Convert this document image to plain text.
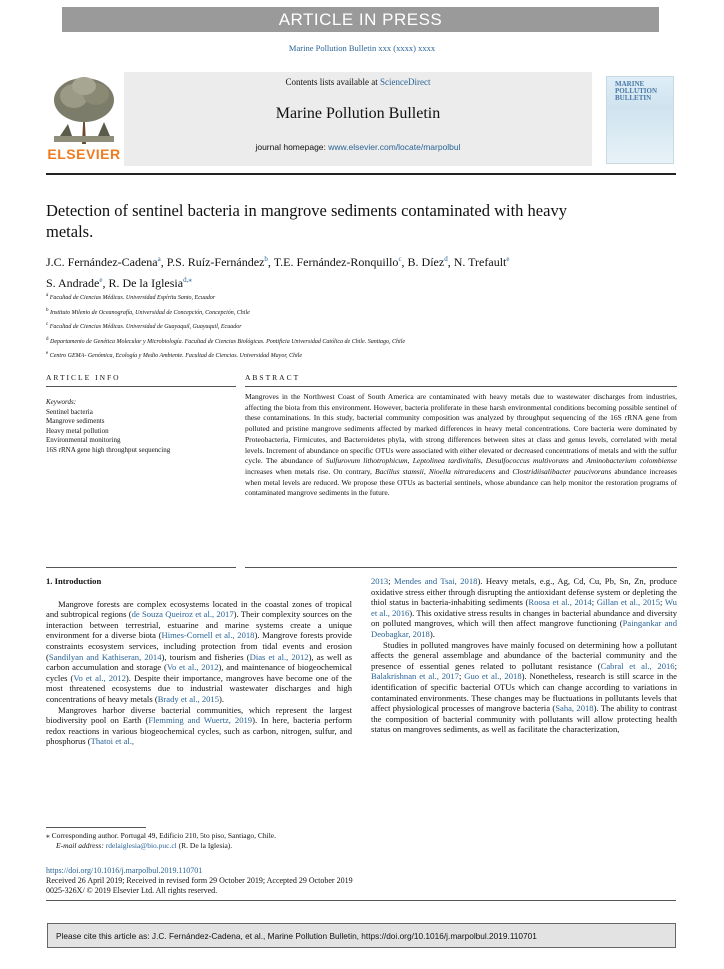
ARTICLE IN PRESS
Marine Pollution Bulletin xxx (xxxx) xxxx
ELSEVIER
Contents lists available at ScienceDirect
Marine Pollution Bulletin
journal homepage: www.elsevier.com/locate/marpolbul
MARINE POLLUTION BULLETIN
Detection of sentinel bacteria in mangrove sediments contaminated with heavy metals.
J.C. Fernández-Cadena$^a$, P.S. Ruíz-Fernández$^b$, T.E. Fernández-Ronquillo$^c$, B. Díez$^d$, N. Trefault$^e$
S. Andrade$^e$, R. De la Iglesia$^{d,⁎}$
$^a$ Facultad de Ciencias Médicas. Universidad Espíritu Santo, Ecuador
$^b$ Instituto Milenio de Oceanografía, Universidad de Concepción, Concepción, Chile
$^c$ Facultad de Ciencias Médicas. Universidad de Guayaquil, Guayaquil, Ecuador
$^d$ Departamento de Genética Molecular y Microbiología. Facultad de Ciencias Biológicas. Pontificia Universidad Católica de Chile. Santiago, Chile
$^e$ Centro GEMA- Genómica, Ecología y Medio Ambiente. Facultad de Ciencias. Universidad Mayor, Chile
ARTICLE INFO	ABSTRACT
Keywords:
Sentinel bacteria
Mangrove sediments
Heavy metal pollution
Environmental monitoring
16S rRNA gene high throughput sequencing
Mangroves in the Northwest Coast of South America are contaminated with heavy metals due to wastewater discharges from industries, affecting the biota from this environment. However, bacteria proliferate in these harsh environmental conditions becoming possible sentinel of these contaminations. In this study, bacterial community composition was analyzed by throughput sequencing of the 16S rRNA gene from polluted and pristine mangrove sediments affected by marked differences in heavy metal concentrations. Core bacteria were dominated by Proteobacteria, Firmicutes, and Bacteroidetes phyla, with strong differences between sites at class and genus levels, correlated with metal levels. Increment of abundance on specific OTUs were associated with either elevated or decreased concentrations of metals and with the sulfur cycle. The abundance of Sulfurovum lithotrophicum, Leptolinea tardivitalis, Desulfococcus multivorans and Aminobacterium colombiense increases when metals rise. On contrary, Bacillus stamsii, Nioella nitrareducens and Clostridiisalibacter paucivorans abundance increases when metal levels are reduced. We propose these OTUs as bacterial sentinels, whose abundance can help monitor the restoration programs of contaminated mangrove sediments in the future.
1. Introduction

Mangrove forests are complex ecosystems located in the coastal zones of tropical and subtropical regions (de Souza Queiroz et al., 2017). Their complexity sources on the interaction between terrestrial, estuarine and marine systems create a unique environment for a diverse biota (Himes-Cornell et al., 2018). Mangrove forests provide constraints ecosystem services, including protection from tidal events and erosion (Sandilyan and Kathiseran, 2014), tourism and fisheries (Dias et al., 2012), as well as carbon accumulation and storage (Vo et al., 2012), and maintenance of biogeochemical cycles (Vo et al., 2012). Despite their importance, mangroves have become one of the most threatened ecosystems due to industrial wastewater discharges and high concentrations of heavy metals (Brady et al., 2015).

Mangroves harbor diverse bacterial communities, which represent the largest biodiversity pool on Earth (Flemming and Wuertz, 2019). In here, bacteria perform redox reactions in various biogeochemical cycles, such as carbon, nitrogen, sulfur, and phosphorus (Thatoi et al.,

2013; Mendes and Tsai, 2018). Heavy metals, e.g., Ag, Cd, Cu, Pb, Sn, Zn, produce oxidative stress either through disrupting the antioxidant defense system or depleting the thiol status in bacteria-inhabiting sediments (Roosa et al., 2014; Gillan et al., 2015; Wu et al., 2016). This oxidative stress results in changes in bacterial abundance and diversity on polluted mangroves, which will then affect mangrove functioning (Paingankar and Deobagkar, 2018).

Studies in polluted mangroves have mainly focused on determining how a pollutant affects the general assemblage and abundance of the bacterial community and the presence of essential genes related to pollutant resistance (Cabral et al., 2016; Balakrishnan et al., 2017; Guo et al., 2018). Nonetheless, research is still scarce in the identification of specific bacterial OTUs which can change according to variations in contaminated environments. These changes may be fluctuations in pollutants levels that affect physiological processes of mangrove bacteria (Saha, 2018). The ability to contrast the composition of bacterial community with pollutants will allow protecting health status on mangroves sediments, as well as facilitate the characterization,

⁎ Corresponding author. Portugal 49, Edificio 210, 5to piso, Santiago, Chile.
E-mail address: rdelaiglesia@bio.puc.cl (R. De la Iglesia).
https://doi.org/10.1016/j.marpolbul.2019.110701
Received 26 April 2019; Received in revised form 29 October 2019; Accepted 29 October 2019
0025-326X/ © 2019 Elsevier Ltd. All rights reserved.
Please cite this article as: J.C. Fernández-Cadena, et al., Marine Pollution Bulletin, https://doi.org/10.1016/j.marpolbul.2019.110701
